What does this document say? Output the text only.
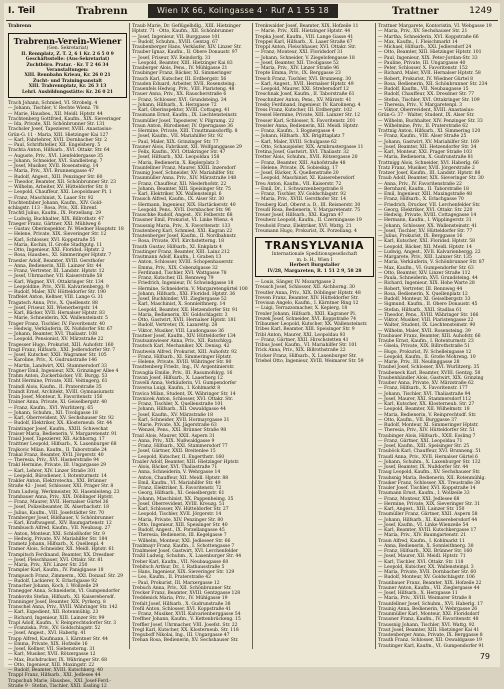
I. Teil	Trabrenn	Wien IX 66, Kolingasse 4 · Ruf A 1 55 18	Trattner	1249
Trabrenn
Trabrenn-Verein-Wiener
(Gen. Sekretariat)
II. Rennplatz, Z. T. 2, 6 1 Kr. 2 6 5 0 9
Geschäftsstelle: (Aus-Sekretariat)
Zuchtbüro. Pratar. · Kr. T 2 46 34
Veranstaltungen:
XIII. Rennbahn Krieau, Kr. 26 0 21
Zucht- und Trainingsanstalt
XIII. Trabrennplatz, Kr. 26 3 13
Lehrl. Ausbildungsstätte: Kr. 26 0 21
Trach Johann, Schmied, VI. Strobelg. 4
— Johann, Tischler, V. Rechte Wienz. 78
— Marie, Hausbes., XII. Meidl. Hptstr. 44
Trachtenberg Gottfried, Kaufm., XIX. Sieveringer
— Ida, Private, XII. Schönbrunner Str. 131
Trachsler Josef, Tapezierer, XVIII. Anastasius-
Grün-G. 11 · Maria, XIII. Hietzinger Kai 127
— Karl, Fahrlehrer, XVII. Dornbacher Str. 2
— Paul, Schriftsteller, XII. Engelsberg. 5
Trachta Anton, Hilfsarb., XVI. Ottakr. Str. 64
— Auguste, Priv., XVI. Lienfeldergasse 35
— Johann, Schneider, XVI. Sandleiteng. 7
— Josef, Musiker, XVII. Rosensteing. 14
— Maria, Priv., XVI. Brunnengasse 47
— Rudolf, Angest., XIII. Penzinger Str. 60
— Theodor, Beamter, XII. Schönbrunner Str. 23
— Wilhelm, Arbeiter, XV. Hütteldorfer Str. 8
— Leopold, Chauffeur, XXI. Leopoldauer Pl. 1
— Franz, Maschinist, X. Laaer Str. 92
Trachtenfaber Johann, Kaufm., XIV. Gold-
schlagstr. 113 · Rosa, Priv., XII. Ehrenf.
Trachtl Julius, Kaufm., IX. Porzellang. 29
— Ludwig, Buchhalter, XIX. Billrothstr. 47
Traeger Franz, Gärtner, XXI. Mühlweg 6
— Gustav, Oberinspektor, IV. Wiedner Hauptstr. 18
— Helene, Private, XIX. Sieveringer Str. 12
— Karl, Schlosser, XVI. Koppstraße 55
— Maria, Kochin, II. Große Stadtgutg. 11
— Otto, Ingenieur, XXI. Floridsd. Hptstr. 2
— Rosa, Hausbes., XI. Simmeringer Hptstr. 7
Traexler Adolf, Beamter, XVIII. Gersthofer
— Anna, Bedienerin, XIII. Lainzer Str. 44
— Franz, Vertreter, III. Landstr. Hptstr. 12
— Josef, Uhrmacher, VII. Kaiserstraße 58
— Karl, Wagner, XVI. Ottakringer Str. 134
— Leopoldine, Priv., XVII. Kalvarienbergg. 9
— Rudolf, Maler, XIV. Hütteldorfer Str. 190
Traffelet Anton, Kellner, VIII. Lange G. 31
Tragatsch Anna, Priv., X. Quellenstr. 88
— Josef, Friseur, XII. Wienerbergstr. 14
— Karl, Bäcker, XVII. Hernalser Hptstr. 83
— Marie, Schneiderin, XX. Wallensteinstr. 5
Trager Franz, Tischler, IV. Favoritenstr. 40
— Hedwig, Verkäuferin, IX. Nußdorfer Str. 67
— Johann, Beamter, XVI. Thaliastr. 108
— Leopold, Pensionist, XV. Märzstraße 22
Tragesser Hugo, Prokurist, XIII. Auhofstr. 160
Tragl Franz, Hilfsarb., XXI. Jedlersdorfer Str. 7
— Josef, Kutscher, XXII. Wagramer Str. 105
— Karoline, Priv., X. Gudrunstraße 146
— Martin, Landwirt, XXI. Stammersdorf 33
Tragner Emil, Ingenieur, XIX. Grinzinger Allee 4
Trahm Anton, Zuckerbäcker, VII. Burgg. 53
Traht Hermine, Private, XIII. Veitingerg. 61
Traindl Alois, Kaufm., II. Praterstraße 35
Traindt Ernst, Architekt, XVIII. Gymnasiumstr.
Train Josef, Monteur, X. Favoritenstr. 156
Trainer Anna, Private, XI. Geiselbergstr. 40
— Franz, Kaufm., XVI. Wurlitzerg. 65
— Johann, Schuhm., XII. Tivoligasse 18
— Karl, Oberrevident, XV. Sechshauser Str. 92
— Rudolf, Elektriker, XX. Klosterneub. Str. 44
Traintinger Josef, Kaufm., XXIII. Schwechat
Traiser Maria, Bedienerin, V. Margaretenstr. 91
Traisl Josef, Tapezierer, XII. Aichhorng. 17
Traittner Leopold, Hilfsarb., X. Laxenburger 68
Trajkovic Milan, Kaufm., II. Taborstraße 24
Trakal Franz, Beamter, XVII. Jörgerstr. 40
— Theresia, Priv., XVI. Hasnerstraße 94
Trakl Hermine, Private, III. Ungargasse 29
— Karl, Lehrer, XIV. Linzer Straße 301
— Leopold, Bürodiener, I. Rotenturmstr. 14
Trakler Anton, Elektrotechn., XXI. Brünner
Straße 42 · Josef, Schlosser, XXI. Prager Str. 8
Tram Ludwig, Werkmeister, XI. Hasenleiteng. 23
Trambauer Anna, Priv., XIX. Döblinger Hptstr.
— Franz, Maurer, XVII. Hernalser Gürtel 36
— Josef, Polizeibeamter, IX. Alserbachstr. 18
— Julius, Kaufm., VIII. Josefstädter Str. 70
Tramberger Josef, Bildhauer, V. Schönbrunner
— Karl, Kraftwagenf., XIV. Baumgartenstr. 12
Trambusch Alfred, Kaufm., VII. Neubaug. 27
— Anton, Monteur, XXI. Schloßhofer Str. 9
— Hedwig, Private, XV. Mariahilfer Str. 184
Trametz Johann, Hilfsarb., X. Quellenpl. 4
Tramer Alois, Schneider, XII. Meidl. Hptstr. 61
Trampitsch Ferdinand, Beamter, XX. Dresdner
— Josef, Fleischhauer, XVI. Ottakr. Str. 81
— Maria, Priv., XIV. Linzer Str. 250
Trampler Karl, Kaufm., IV. Paniglgasse 18
Trampusch Franz, Zimmerm., XXI. Donauf. Str. 29
— Rudolf, Lackierer, X. Erlachgasse 92
Tranacher Johann, Koch, I. Wollzeile 29
Tranegger Anna, Schneiderin, VI. Gumpendorfer
Trankovits Stefan, Hilfsarb., XI. Kaiserebersdf.
Tranninger Josef, Beamter, XIX. Pyrkerg. 8
Transchel Anna, Priv., XVIII. Währinger Str. 142
— Karl, Expedient, XII. Rotenmühlg. 23
— Richard, Ingenieur, XIII. Lainzer Str. 99
Trapl Adolf, Kaufm., V. Reinprechtsdorfer Str. 3
— Franziska, Priv., XV. Goldschlagstr. 52
— Josef, Angest., XVI. Haberlg. 41
Trapp Alfred, Kaufmann, I. Kärntner Str. 44
— Emma, Private, XIX. Hofzeile 16
— Josef, Kellner, VII. Siebensterng. 31
— Karl, Musiker, XVII. Rötzergasse 12
— Max, Buchdrucker, IX. Währinger Str. 68
— Otto, Ingenieur, XIII. Maxingstr. 22
— Rudolf, Beamter, XVIII. Kutschkerg. 40
Trappl Franz, Hilfsarb., XXI. Jedlesee 44
Trapschuh Marie, Hausbes., XXI. Josef-Ferd.-
Straße 9 · Stefan, Tischler, XXII. Essling 12
Traub Marie, Dr. Geflügelhdlg., XIII. Hietzinger
Hptstr. 71 · Otto, Kaufm., XII. Schönbrunner
— Josef, Ingenieur, VII. Burggasse 101
— Rudolf, Schuhm., XVIII. Gentzg. 67
Traubenberger Hans, Verkäufer, XIV. Linzer Str.
Trauber Ignaz, Kaufm., II. Obere Donaustr. 97
— Josef, Friseur, XV. Reindorfg. 31
— Leopold, Beamter, XIII. Hietzinger Kai 83
Trauberger Alois, Pens., IV. Mühlgasse 21
Traubinger Franz, Bäcker, XI. Simmeringer
Trauch Karl, Kutscher, III. Erdbergstr. 56
Trauden Eduard, Arbeiter, XVII. Rosensteing.
Trauenfels Hedwig, Priv., VIII. Piaristeng. 48
Trauer Anna, Priv., XX. Rauscherstraße 6
— Franz, Schlosser, XVI. Grundsteing. 34
— Johann, Hilfsarb., X. Herzgasse 72
— Karl, Oberinspektor, XVIII. Cottageg. 41
Traumann Ernst, Kaufm., IX. Liechtensteinstr.
Traumüller Josef, Tapezierer, V. Pilgramg. 22
Traun Anton, Bürodiener, IV. Operngasse 36
— Hermine, Private, XIII. Trauttmansdorffg. 8
— Josef, Kaufm., VII. Mariahilfer Str. 92
— Paul, Maler, XIX. Grinzinger Str. 77
Trauner Alois, Fabrikant, XII. Wolfganggasse 29
— Felix, Kaufm., XVI. Ottakringer Str. 47
— Josef, Hilfsarb., XXI. Leopoldau 158
— Maria, Bedienerin, X. Keplerplatz 3
Traunfellner Franz, Maurer, XXIII. Inzersdorf
Traunig Josef, Schneider, XV. Mariahilfer Str.
Traunmüller Anna, Priv., XIV. Märzstraße 148
— Franz, Chauffeur, XII. Niederhofstr. 22
— Johann, Beamter, XIII. Speisinger Str. 75
— Karl, Elektriker, XX. Wallensteinpl. 6
Trausch Alfred, Kaufm., IX. Alser Str. 30
— Hermann, Ingenieur, XIX. Hartäckerstr. 40
— Leopold, Pens., XVII. Dornbacher Str. 96
Trauschke Rudolf, Angest., XV. Felberstr. 68
Trausner Emil, Prokurist, VI. Linke Wienz. 4
Traussnig Maria, Priv., X. Favoritenstr. 133
Trautenberg Karl, Schmied, XXI. Kagran 22
Trautenberger Josef, Kaufm., II. Nordbahnstr.
— Rosa, Private, XVI. Kirchstetterng. 18
Trauth Gustav, Hilfsarb., XI. Enkplatz 4
Trautinger Franz, Beamter, XIII. Lainz 212
Trautmann Adolf, Kaufm., I. Graben 13
— Anton, Schlosser, XVIII. Schopenhauerstr.
— Emma, Priv., XIX. Cobenzlgasse 32
— Ferdinand, Tischler, XVI. Wattgasse 78
— Franz, Kutscher, III. Rennweg 79
— Friedrich, Ingenieur, IV. Schwindgasse 18
— Hermine, Schneiderin, V. Margaretengürtel 100
— Johann, Hilfsarb., XXI. Floridsd. Hptstr. 36
— Josef, Buchbinder, VII. Zieglergasse 52
— Karl, Maschinist, X. Sonnleithnerg. 14
— Leopold, Beamter, XII. Hetzendorfer Str. 91
— Maria, Bedienerin, XV. Goldschlagstr. 3
— Otto, Gastwirt, XVII. Hernalser Hptstr. 181
— Rudolf, Vertreter, IX. Lazarettg. 28
— Viktor, Musiker, VIII. Laudongasse 36
Trautner Josef, Kaufm., XIV. Hütteldorfer 134
Trautsamwieser Anna, Priv., XII. Ratschkyg.
Trautsch Karl, Mechaniker, XX. Denisg. 42
Trautwein Alfred, Prokurist, XIII. Auhofstr. 92
— Franz, Hilfsarb., XI. Simmeringer Hptstr.
— Helene, Private, XVIII. Währinger Str. 80
Trauttenberg Friedr., Ing., IV. Argentinierstr.
Travaglia Emilie, Priv., III. Rasumofskyg. 16
Travan Josef, Hilfsarb., X. Laaerberg 12
Travelli Anna, Verkäuferin, VI. Gumpendorfer
Traversa Luigi, Kaufm., I. Kohlmarkt 8
Travica Milan, Student, IX. Währinger Str. 14
Travnicek Anton, Schlosser, XVI. Ottakr. Str.
— Franz, Tischler, X. Quellenstraße 101
— Johann, Hilfsarb., XII. Oswaldgasse 44
— Josef, Kaufm., XV. Märzstraße 18
— Karl, Schneider, XVII. Hormayrgasse 31
— Marie, Private, XX. Jägerstraße 63
— Wenzel, Pens., XXI. Brünner Straße 98
Traxl Alois, Maurer, XXII. Aspern 31
— Anna, Priv., XIX. Nußwaldgasse 9
— Franz, Hilfsarb., XXI. Stammersdorf 77
— Josef, Gärtner, XXII. Breitenlee 15
— Leopold, Kutscher, II. Engerthstr. 160
Traxler Adolf, Beamter, XIII. Hietzinger Hptstr.
— Alois, Bäcker, XVI. Thaliastraße 71
— Anna, Schneiderin, V. Wehrgasse 14
— Anton, Chauffeur, XII. Meidl. Hptstr. 88
— Emil, Kaufm., VI. Mariahilfer Str. 49
— Franz, Elektriker, X. Favoritenstr. 72
— Georg, Hilfsarb., XI. Geiselbergstr. 61
— Johann, Maschinist, XX. Pappenheimg. 35
— Josef, Oberrevident, XVIII. Kreuzg. 51
— Karl, Schlosser, XV. Hütteldorfer Str. 27
— Leopold, Tischler, XVII. Jörgerstr. 14
— Maria, Private, XIV. Penzinger Str. 80
— Otto, Ingenieur, XIII. Speisinger Str. 40
— Rudolf, Angest., IX. Porzellangasse 45
— Theresia, Bedienerin, III. Kegelgasse 7
— Wilhelm, Monteur, XXI. Jedleseer Str. 66
Traxlmayr Franz, Kaufm., I. Schottengasse 7
Traxlmeier Josef, Gastwirt, XVI. Lerchenfelder
Tražil Ludwig, Schuhm., X. Laxenburger Str. 44
Treber Karl, Kaufm., VII. Neubaugasse 60
Trebitsch Arthur, Dr., I. Rathausstraße 5
— Hans, Ingenieur, XIX. Sieveringer Str. 129
— Leo, Kaufm., II. Praterstraße 42
— Paul, Prokurist, III. Marxergasse 12
Trebuch Anna, Priv., XII. Schönbrunner Str.
Trecker Franz, Beamter, XVIII. Gentzgasse 128
Treddenick Maria, Priv., IV. Mühlgasse 19
Trefalt Josef, Hilfsarb., X. Gudrunstraße 38
Trefil Anton, Schlosser, XVI. Koppstraße 41
— Franz, Musiker, XVII. Kalvarienberggasse 54
Treffner Johann, Kaufm., V. Kettenbrückeng. 15
Treffler Josef, Uhrmacher, VIII. Josefst. Str. 22
Tregl Karl, Kutscher, XX. Klosterneub. Str. 118
Treguboff Nikolai, Ing., III. Ungargasse 47
Trehan Rosa, Bedienerin, XV. Sechshauser Str.
Trenkwalder Josef, Beamter, XIX. Hofzeile 11
— Marie, Priv., XIII. Hietzinger Hptstr. 44
Trepka Josef, Kaufm., VIII. Lange Gasse 41
Treppel Karl, Hilfsarb., X. Laaer Straße 67
Treppl Anton, Fleischhauer, XVI. Ottakr. Str.
— Franz, Monteur, XXI. Floridsdorf 31
— Johann, Schneider, V. Ziegelofengasse 18
— Josef, Beamter, XII. Tivoligasse 52
— Maria, Priv., XIV. Linzer Straße 96
Trepte Emma, Priv., IX. Berggasse 23
Tresch Franz, Tischler, XVI. Brunneng. 30
— Karl, Angest., XVII. Hernalser Hptstr. 49
— Leopold, Maurer, XXI. Strebersdorf 12
Treschnak Josef, Kaufm., II. Taborstraße 61
Treschnitzer Anton, Pens., XV. Märzstr. 41
Tresky Ferdinand, Ingenieur, IV. Karolineng. 4
Tress Franz, Kutscher, III. Erdbergstr. 102
Tressel Hermine, Private, XIII. Lainzer Str. 12
Tresser Karl, Schlosser, X. Favoritenstr. 201
Tressler Anna, Bedienerin, XII. Meidl. Hptstr.
— Franz, Kaufm., I. Bognergasse 4
— Johann, Hilfsarb., XX. Brigittaplatz 7
— Karl, Maler, XVIII. Schulgasse 62
— Otto, Schauspieler, XIX. Armbrustergasse 11
Tretina Josef, Gastwirt, XVI. Thaliastr. 32
Tretter Alois, Schuhm., XVII. Rötzergasse 20
— Franz, Beamter, XIII. Auhofstraße 48
— Helene, Private, IX. Sobieskig. 17
— Josef, Bäcker, X. Quellenstraße 20
— Leopold, Maschinist, XI. Kaiserebersdorf
Treu Anton, Kaufm., VII. Kaiserstr. 72
— Emil, Dr., I. Schwarzenbergstraße 8
— Franz, Tischler, XV. Goldschlagstr. 92
— Maria, Priv., XVIII. Gersthofer Str. 14
Treuberg Karl, Oberst a. D., III. Reisnerstr. 30
Treudl Rosa, Bedienerin, V. Margaretenstr. 75
Treuer Josef, Hilfsarb., XXI. Kagran 47
Treuherz Leopold, Kaufm., II. Czerningasse 19
Treuhold Franz, Elektriker, XVI. Wattg. 21
Treumann Hugo, Prokurist, IX. Porzellang. 4
TRANSYLVANIA
Internationale Speditionsgesellschaft
m. b. H., Wien I
Herbert Burgstaller
IV/28, Margareten, R. 1 51 2 9, 58 28
— Louis, Sänger, IV. Mozartgasse 2
Treusch Josef, Schlosser, XII. Aichhorng. 30
Treutler Anna, Priv., XIX. Döblinger Hptstr. 48
Treven Franz, Beamter, XIV. Hütteldorfer Str.
Trevisan Angelo, Kaufm., I. Kärntner Ring 12
— Luigi, Terrazzomacher, X. Keplerg. 18
Trexler Johann, Hilfsarb., XXII. Kagraner Pl.
Trezek Josef, Schneider, XVI. Koppstraße 74
Tribaumer Leopold, Kutscher, XX. Wallensteinstr.
Tribes Karl, Beamter, XIII. Speisinger Str. 9
Tribl Anton, Maurer, XXI. Leopoldau 93
— Franz, Gärtner, XXII. Hirschstetten 41
Tribus Josef, Kaufm., VI. Mariahilfer Str. 101
Trick Anna, Priv., XIX. Billrothstraße 22
Tricker Franz, Hilfsarb., X. Laxenburger Str.
Triebel Otto, Ingenieur, XVIII. Weimarer Str. 59
Trattner Margarete, Kontoristin, VI. Webgasse 19
— Maria, Priv., XV. Sechshauser Str. 21
— Martha, Schneiderin, XVI. Koppstraße 66
— Max, Kaufm., I. Fleischmarkt 14
— Michael, Hilfsarb., XXI. Jedlersdorf 24
— Otto, Beamter, XIII. Hietzinger Hptstr. 101
— Paul, Ingenieur, XIX. Peter-Jordan-Str. 33
— Pauline, Private, III. Ungargasse 40
— Peter, Schlosser, X. Favoritenstr. 152
— Richard, Maler, XVII. Hernalser Hptstr. 58
— Robert, Prokurist, IV. Wiedner Gürtel 8
— Rosa, Bedienerin, XII. Schönbrunner Str. 234
— Rudolf, Kaufm., VII. Neubaugasse 15
— Rudolf, Chauffeur, XX. Dresdner Str. 77
— Stefan, Tischler, XVI. Ottakringer Str. 109
— Theresia, Priv., V. Margaretenpl. 3
— Viktor, Oberrevident, XVIII. Anastasius-
Grün-G. 37 · Walter, Student, IX. Alser Str.
— Wilhelm, Buchhalter, XIV. Penzinger Str. 33
— Wilhelmine, Priv., II. Praterstraße 62
Trattnig Anton, Hilfsarb., XI. Simmering 120
— Franz, Kaufm., VIII. Alser Straße 25
— Johann, Gastwirt, XV. Mariahilfer Str. 169
— Josef, Beamter, XII. Hetzendorfer Str. 34
— Karl, Monteur, XXI. Prager Straße 103
— Maria, Bedienerin, X. Gudrunstraße 81
Trattnigg Alois, Schneider, XVI. Haberlg. 66
Tratz Franz, Musiker, XVII. Jörgerstraße 2
Tratzer Josef, Kaufm., III. Landstr. Hptstr. 88
Traub Adolf, Beamter, XIX. Sieveringer Str. 30
— Anna, Priv., IV. Favoritenstraße 22
— Bernhard, Kaufm., II. Taborstraße 18
— Emil, Ingenieur, XIII. Maxingstraße 48
— Franz, Hilfsarb., X. Erlachgasse 70
— Friedrich, Drucker, VII. Lerchenfelder Str.
— Georg, Elektriker, XVI. Ottakr. Str. 220
— Hedwig, Private, XVIII. Cottagegasse 14
— Hermann, Kaufm., I. Wipplingerstr. 31
— Johann, Schlosser, XX. Wallensteinstr. 41
— Josef, Tischler, XV. Hütteldorfer Str. 77
— Julius, Prokurist, IX. Berggasse 16
— Karl, Kutscher, XXI. Floridsd. Hptstr. 58
— Leopold, Bäcker, XII. Meidl. Hptstr. 14
— Ludwig, Angest., XVII. Kalvarienbergg. 22
— Margarete, Priv., XIII. Lainzer Str. 135
— Maria, Verkäuferin, V. Schönbrunner Str. 87
— Max, Kaufm., VI. Gumpendorfer Str. 63
— Otto, Beamter, XIV. Linzer Straße 112
— Paula, Schneiderin, XVI. Grundsteing. 44
— Richard, Ingenieur, XIX. Hohe Warte 28
— Robert, Vertreter, III. Rennweg 44
— Rosa, Bedienerin, X. Quellenplatz 12
— Rudolf, Monteur, XI. Geiselbergstr. 33
— Sigmund, Kaufm., II. Obere Donaustr. 45
— Stefan, Hilfsarb., XXII. Stadlau 61
— Theodor, Pens., XVIII. Währinger Str. 166
— Viktor, Musiker, VIII. Piaristengasse 22
— Walter, Student, IX. Liechtensteinstr. 90
— Wilhelm, Maler, XVII. Rosensteing. 39
Traubauer Franz, Beamter, XIII. Auhofstr. 66
Traube Ernst, Kaufm., I. Rotenturmstr. 23
— Gisela, Private, XIX. Billrothstraße 51
— Hugo, Prokurist, IV. Schelleingasse 12
— Leopold, Kaufm., II. Große Mohreng. 10
— Marie, Priv., III. Neulinggasse 28
Traubel Josef, Schlosser, XVI. Wurlitzerg. 35
Traubeneck Karl, Beamter, XVIII. Gentzg. 58
Traubenhändler Alois, Gastwirt, XIX. Grinzing
Trauber Anna, Private, XV. Märzstraße 62
— Franz, Hilfsarb., X. Favoritenstr. 177
— Johann, Tischler, XVI. Thaliastraße 94
— Josef, Maurer, XXI. Stammersdorf 112
— Karl, Kutscher, XX. Klosterneub. Str. 27
— Leopold, Beamter, XII. Wilhelmstr. 18
— Maria, Bedienerin, V. Reinprechtsdf. Str.
— Otto, Kaufm., VII. Burggasse 37
— Rudolf, Monteur, XI. Simmeringer Hptstr.
— Theresia, Priv., XIV. Hütteldorfer Str. 51
Traubinger Alois, Hilfsarb., XXII. Essling 7
— Franz, Gärtner, XXI. Leopoldau 71
— Josef, Kaufm., XIII. Speisinger Str. 25
Trauböck Karl, Chauffeur, XVI. Brunneng. 51
Traudl Anna, Priv., XVII. Hernalser Gürtel 6
— Johann, Schuhm., X. Laxenburger Str. 132
— Josef, Beamter, IX. Nußdorfer Str. 44
Traug Leopold, Kaufm., XV. Sechshauser Str.
Trauhsnig Maria, Bedienerin, XII. Rotenmühlg.
Trauker Franz, Schlosser, XX. Treustraße 38
Trauler Josef, Tischler, XVI. Koppstraße 14
Traumann Ernst, Kaufm., I. Wollzeile 33
— Franz, Monteur, XXI. Jedlesee 68
— Hermine, Private, XIX. Sieveringer Str. 31
— Karl, Angest., XIII. Lainzer Str. 150
Traumüller Franz, Gärtner, XXII. Aspern 58
— Johann, Hilfsarb., XI. Kaiserebersdorf 44
— Josef, Kaufm., VI. Linke Wienzeile 54
— Karl, Beamter, XVIII. Kutschkergasse 17
— Maria, Priv., XIV. Baumgartenstr. 21
Traun Alfred, Kaufm., I. Kohlmarkt 11
— Anna, Bedienerin, X. Sonnleithnerg. 30
— Franz, Hilfsarb., XXI. Brünner Str. 160
— Josef, Maurer, XII. Meidl. Hptstr. 71
— Karl, Tischler, XVI. Ottakr. Str. 118
— Leopold, Kutscher, XX. Wallensteinpl. 3
— Maria, Private, XVII. Dornbacher Str. 60
— Rudolf, Monteur, XV. Goldschlagstr. 106
Traunbauer Franz, Beamter, XIX. Hofzeile 22
Trauner Anton, Kaufm., VII. Zieglergasse 44
— Josef, Hilfsarb., X. Herzgasse 11
— Maria, Priv., XVIII. Weimarer Straße 8
Traunfellner Josef, Schuhm., XVI. Haberlg. 17
Traunig Anna, Bedienerin, V. Wehrgasse 26
Traunmüller Karl, Monteur, XXI. Floridsdorf
Trausner Franz, Kaufm., IV. Favoritenstr. 48
Traussnig Johann, Tischler, XVI. Wattg. 92
Traut Josef, Beamter, XIII. Hietzinger Kai 41
Trautenberger Anna, Private, IX. Berggasse 8
Trauth Franz, Schlosser, XII. Oswaldgasse 19
Trautinger Karl, Kaufm., VI. Gumpendorfer 91
79
